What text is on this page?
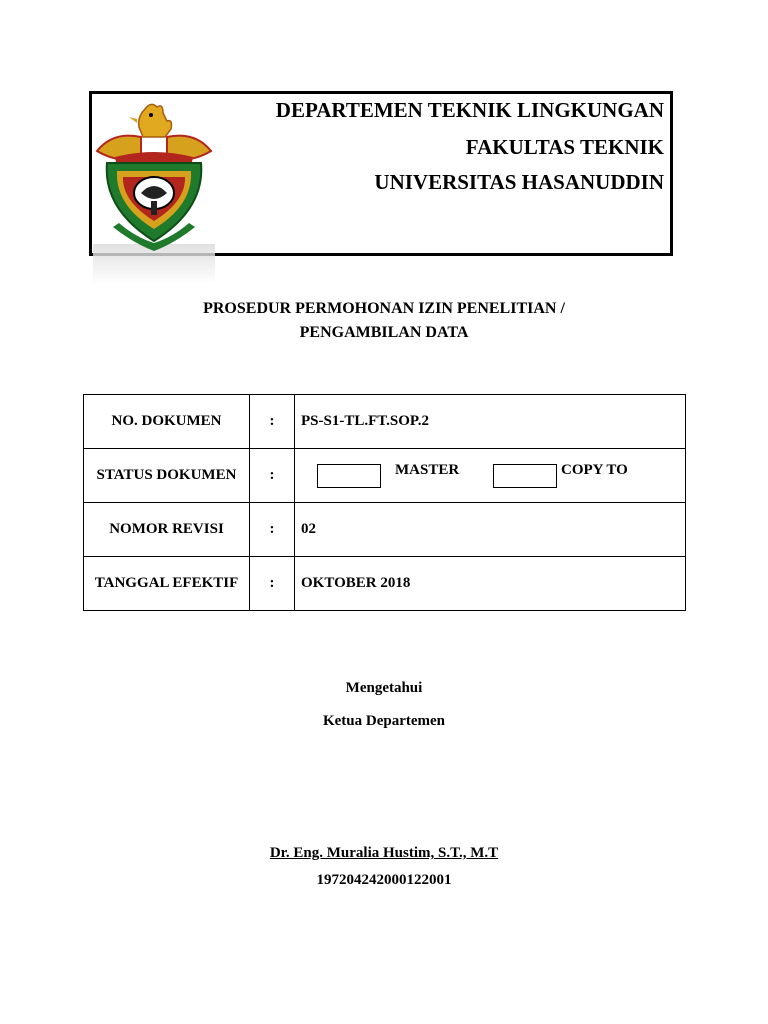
DEPARTEMEN TEKNIK LINGKUNGAN
FAKULTAS TEKNIK
UNIVERSITAS HASANUDDIN
PROSEDUR PERMOHONAN IZIN PENELITIAN /
PENGAMBILAN DATA
NO. DOKUMEN	:	PS-S1-TL.FT.SOP.2
STATUS DOKUMEN	:	MASTER COPY TO

NOMOR REVISI	:	02
TANGGAL EFEKTIF	:	OKTOBER 2018
Mengetahui
Ketua Departemen
Dr. Eng. Muralia Hustim, S.T., M.T
197204242000122001
